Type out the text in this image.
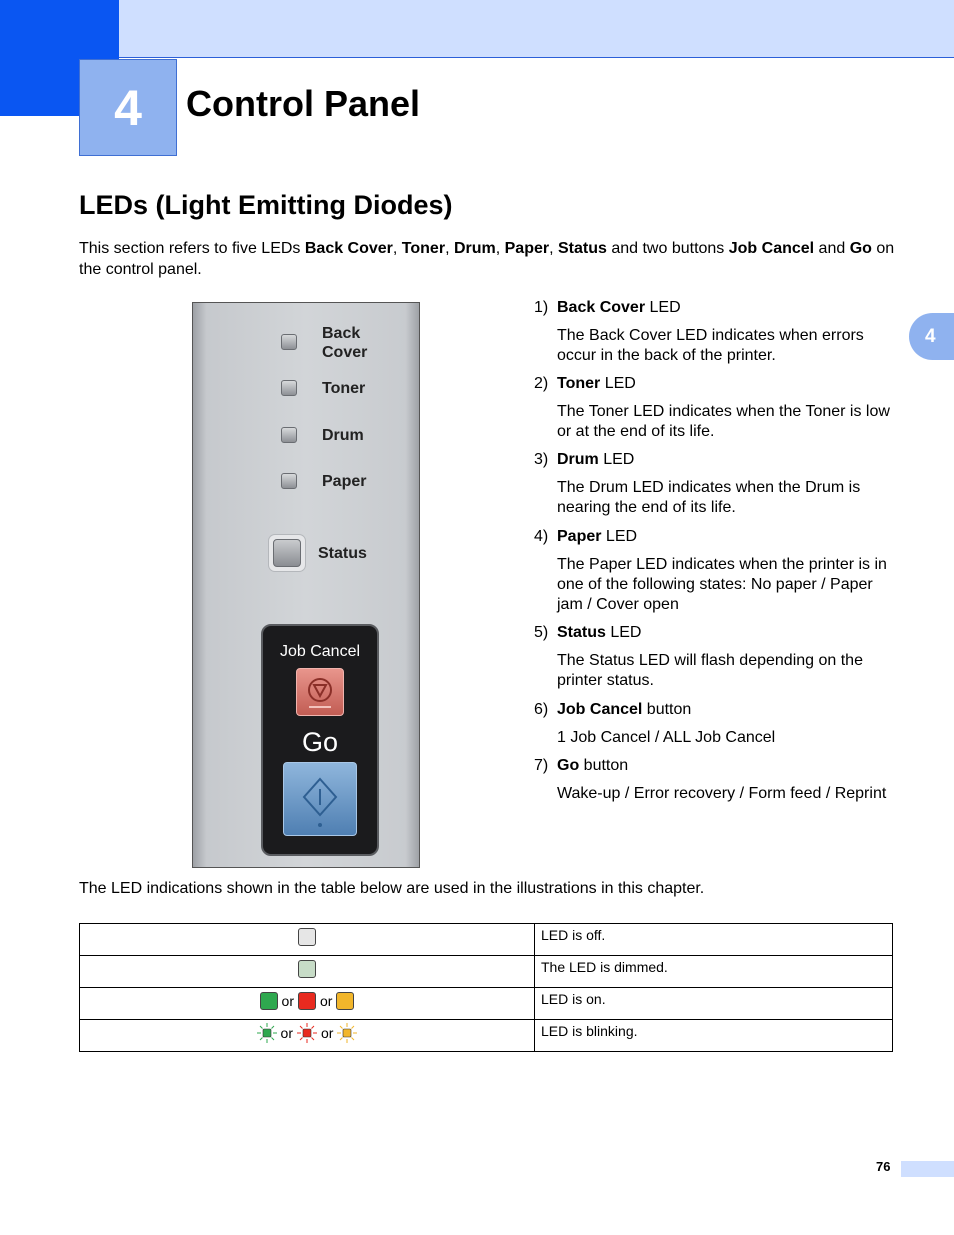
4	Control Panel
4
LEDs (Light Emitting Diodes)
This section refers to five LEDs Back Cover, Toner, Drum, Paper, Status and two buttons Job Cancel and Go on the control panel.
Back
Cover
Toner
Drum
Paper
Status
Job Cancel
Go
1) Back Cover LED
The Back Cover LED indicates when errors occur in the back of the printer.
2) Toner LED
The Toner LED indicates when the Toner is low or at the end of its life.
3) Drum LED
The Drum LED indicates when the Drum is nearing the end of its life.
4) Paper LED
The Paper LED indicates when the printer is in one of the following states: No paper / Paper jam / Cover open
5) Status LED
The Status LED will flash depending on the printer status.
6) Job Cancel button
1 Job Cancel / ALL Job Cancel
7) Go button
Wake-up / Error recovery / Form feed / Reprint
The LED indications shown in the table below are used in the illustrations in this chapter.
	LED is off.
	The LED is dimmed.

or or	LED is on.

or or	LED is blinking.
76
